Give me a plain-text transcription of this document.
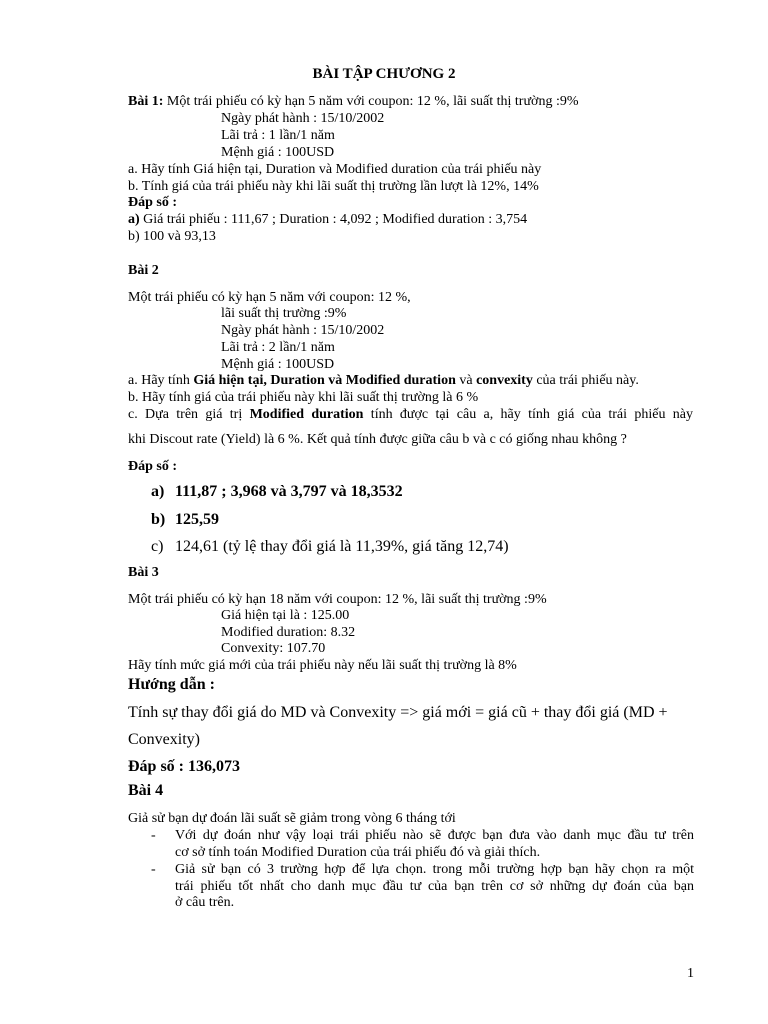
BÀI TẬP CHƯƠNG 2
Bài 1: Một trái phiếu có kỳ hạn 5 năm với coupon: 12 %, lãi suất thị trường :9%
Ngày phát hành : 15/10/2002
Lãi trả : 1 lần/1 năm
Mệnh giá : 100USD
a. Hãy tính Giá hiện tại, Duration và Modified duration của trái phiếu này
b. Tính giá của trái phiếu này khi lãi suất thị trường lần lượt là 12%, 14%
Đáp số :
a) Giá trái phiếu : 111,67 ; Duration : 4,092 ; Modified duration : 3,754
b) 100 và 93,13
Bài 2
Một trái phiếu có kỳ hạn 5 năm với coupon: 12 %,
lãi suất thị trường :9%
Ngày phát hành : 15/10/2002
Lãi trả : 2 lần/1 năm
Mệnh giá : 100USD
a. Hãy tính Giá hiện tại, Duration và Modified duration và convexity của trái phiếu này.
b. Hãy tính giá của trái phiếu này khi lãi suất thị trường là 6 %
c. Dựa trên giá trị Modified duration tính được tại câu a, hãy tính giá của trái phiếu này
khi Discout rate (Yield) là 6 %. Kết quả tính được giữa câu b và c có giống nhau không ?
Đáp số :
a) 111,87 ; 3,968 và 3,797 và 18,3532
b) 125,59
c) 124,61 (tỷ lệ thay đổi giá là 11,39%, giá tăng 12,74)
Bài 3
Một trái phiếu có kỳ hạn 18 năm với coupon: 12 %, lãi suất thị trường :9%
Giá hiện tại là : 125.00
Modified duration: 8.32
Convexity: 107.70
Hãy tính mức giá mới của trái phiếu này nếu lãi suất thị trường là 8%
Hướng dẫn :
Tính sự thay đổi giá do MD và Convexity => giá mới = giá cũ + thay đổi giá (MD +
Convexity)
Đáp số : 136,073
Bài 4
Giả sử bạn dự đoán lãi suất sẽ giảm trong vòng 6 tháng tới
- Với dự đoán như vậy loại trái phiếu nào sẽ được bạn đưa vào danh mục đầu tư trên
cơ sở tính toán Modified Duration của trái phiếu đó và giải thích.
- Giả sử bạn có 3 trường hợp để lựa chọn. trong mỗi trường hợp bạn hãy chọn ra một
trái phiếu tốt nhất cho danh mục đầu tư của bạn trên cơ sở những dự đoán của bạn
ở câu trên.
1
